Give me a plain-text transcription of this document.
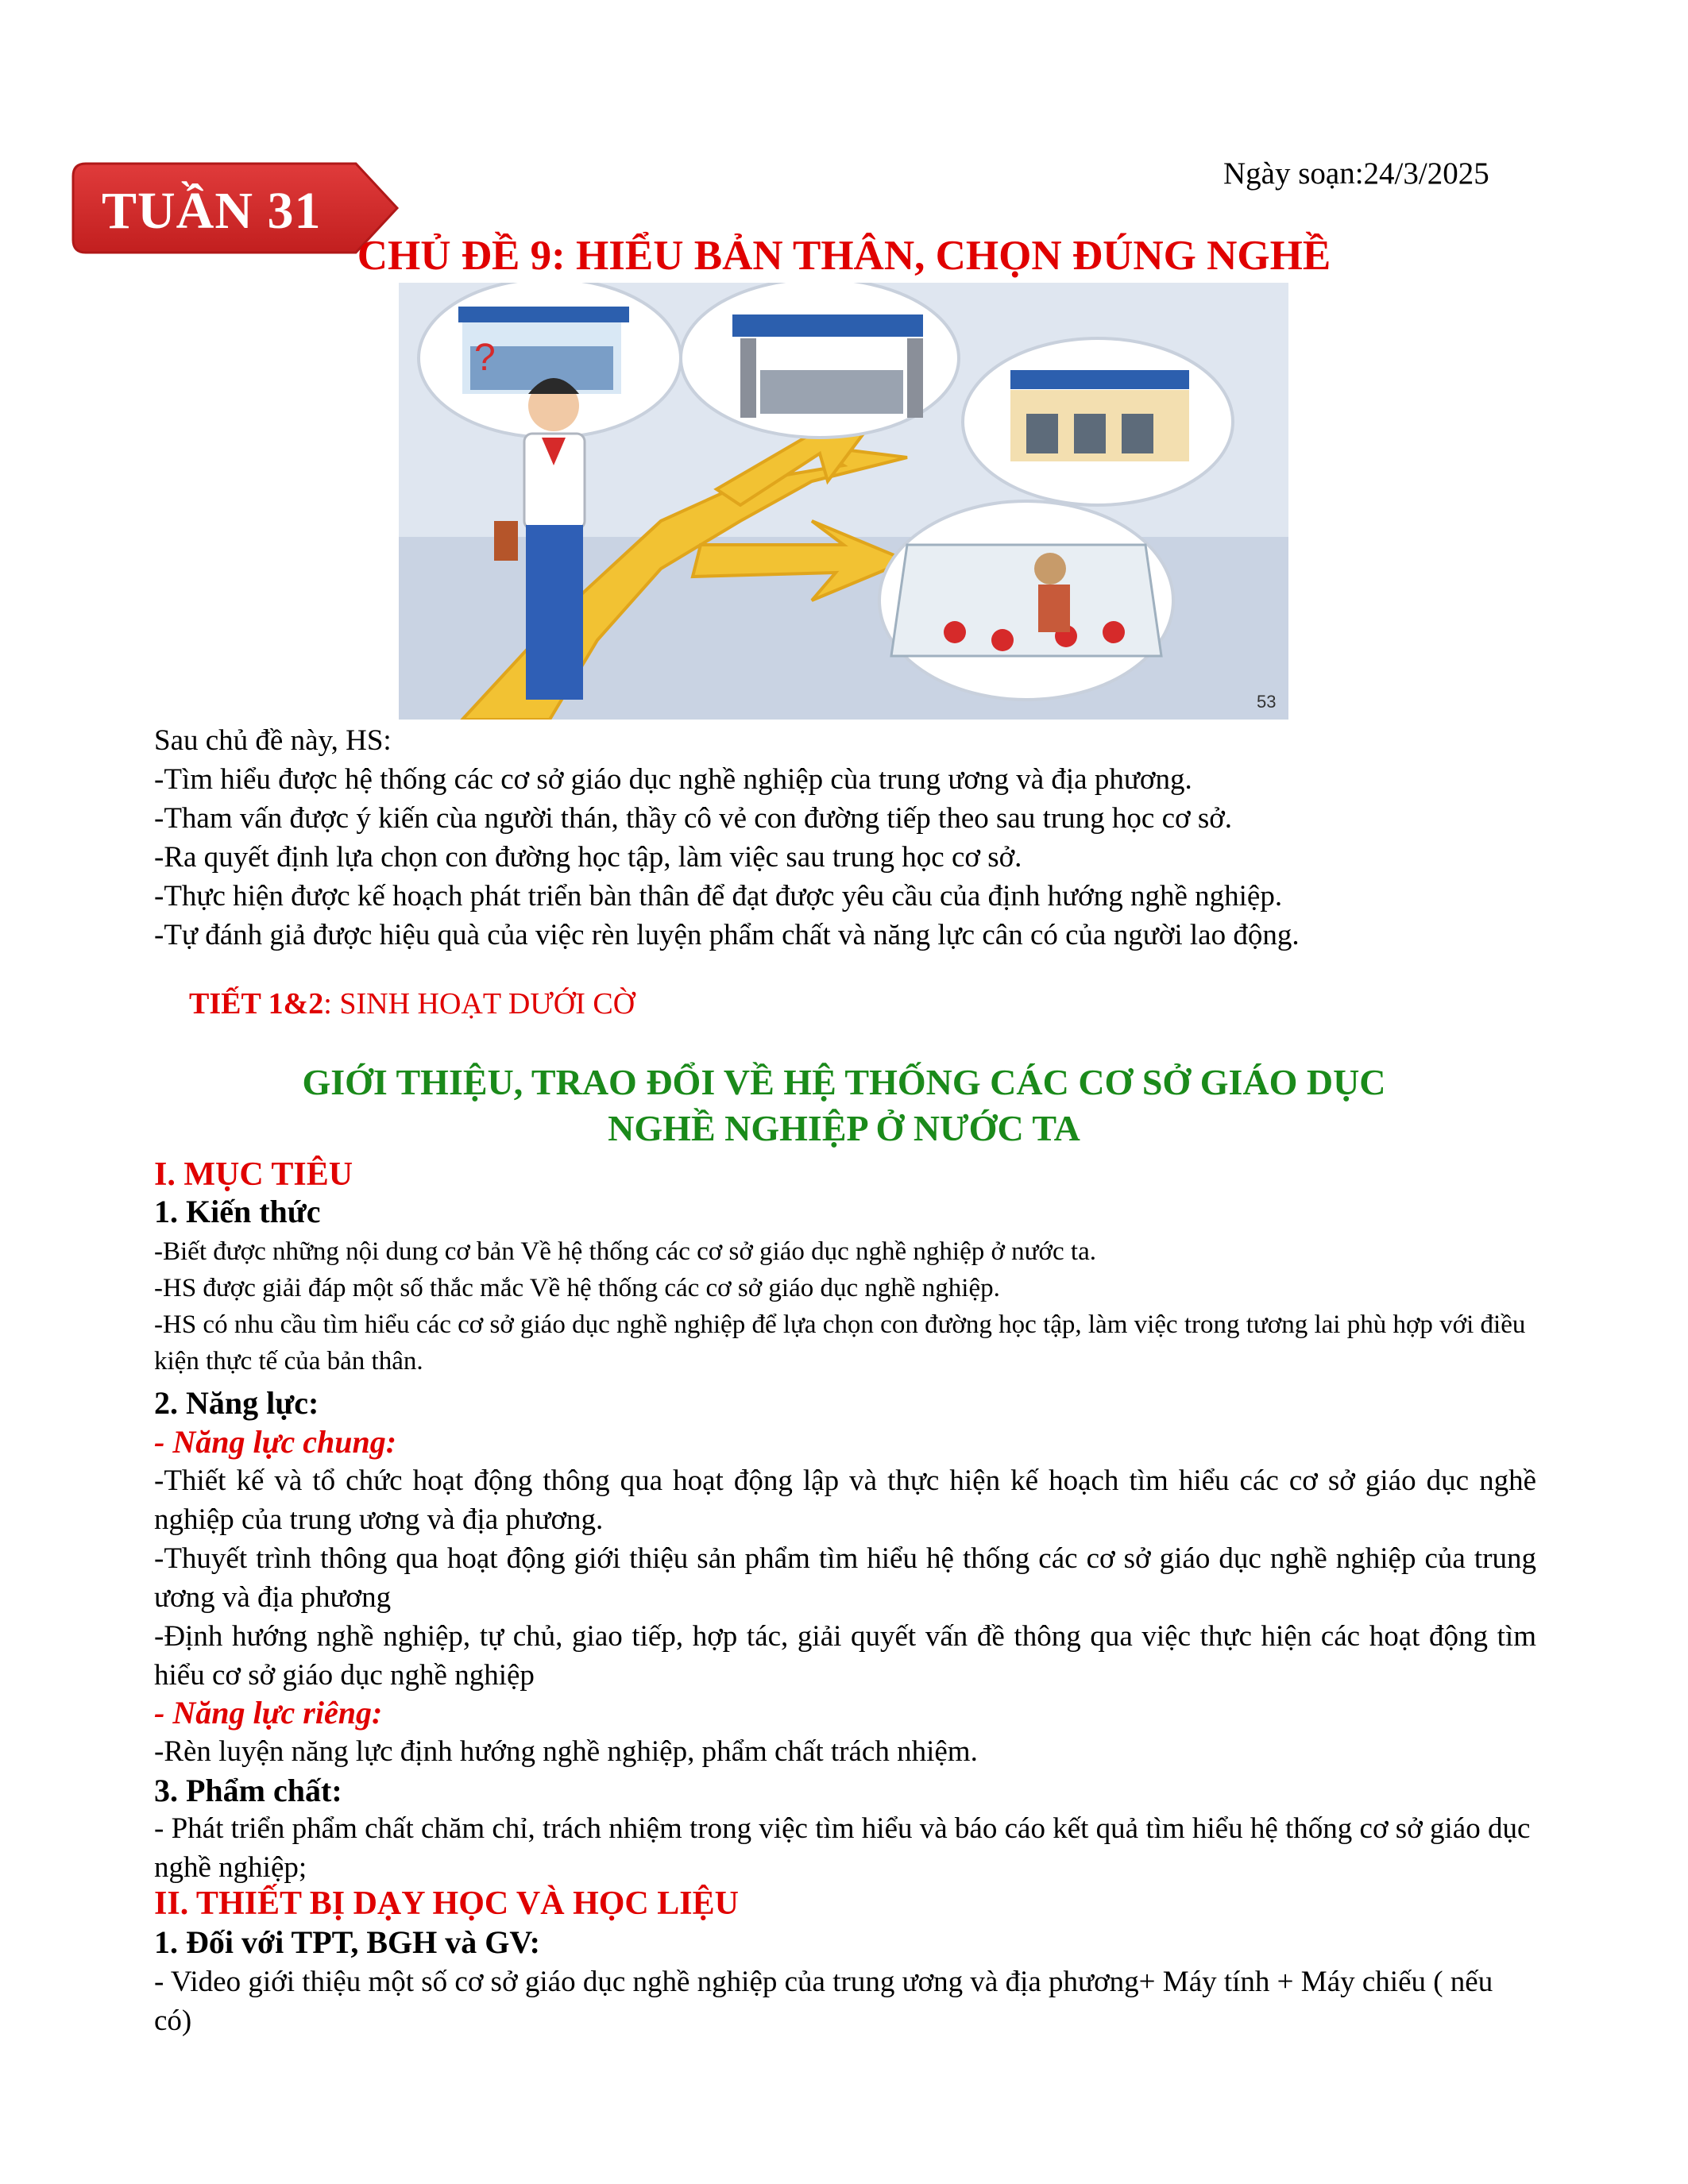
Ngày soạn:24/3/2025
TUẦN 31
CHỦ ĐỀ 9: HIỂU BẢN THÂN, CHỌN ĐÚNG NGHỀ
?
53
Sau chủ đề này, HS:
-Tìm hiểu được hệ thống các cơ sở giáo dục nghề nghiệp cùa trung ương và địa phương.
-Tham vấn được ý kiến cùa người thán, thầy cô vẻ con đường tiếp theo sau trung học cơ sở.
-Ra quyết định lựa chọn con đường học tập, làm việc sau trung học cơ sở.
-Thực hiện được kế hoạch phát triển bàn thân để đạt được yêu cầu của định hướng nghề nghiệp.
-Tự đánh giả được hiệu quà của việc rèn luyện phẩm chất và năng lực cân có của người lao động.
TIẾT 1&2: SINH HOẠT DƯỚI CỜ
GIỚI THIỆU, TRAO ĐỔI VỀ HỆ THỐNG CÁC CƠ SỞ GIÁO DỤC
NGHỀ NGHIỆP Ở NƯỚC TA
I. MỤC TIÊU
1. Kiến thức
-Biết được những nội dung cơ bản Về hệ thống các cơ sở giáo dục nghề nghiệp ở nước ta.
-HS được giải đáp một số thắc mắc Về hệ thống các cơ sở giáo dục nghề nghiệp.
-HS có nhu cầu tìm hiểu các cơ sở giáo dục nghề nghiệp để lựa chọn con đường học tập, làm việc trong tương lai phù hợp với điều kiện thực tế của bản thân.
2. Năng lực:
- Năng lực chung:
-Thiết kế và tổ chức hoạt động thông qua hoạt động lập và thực hiện kế hoạch tìm hiểu các cơ sở giáo dục nghề nghiệp của trung ương và địa phương.
-Thuyết trình thông qua hoạt động giới thiệu sản phẩm tìm hiểu hệ thống các cơ sở giáo dục nghề nghiệp của trung ương và địa phương
-Định hướng nghề nghiệp, tự chủ, giao tiếp, hợp tác, giải quyết vấn đề thông qua việc thực hiện các hoạt động tìm hiểu cơ sở giáo dục nghề nghiệp
- Năng lực riêng:
-Rèn luyện năng lực định hướng nghề nghiệp, phẩm chất trách nhiệm.
3. Phẩm chất:
- Phát triển phẩm chất chăm chỉ, trách nhiệm trong việc tìm hiểu và báo cáo kết quả tìm hiểu hệ thống cơ sở giáo dục nghề nghiệp;
II. THIẾT BỊ DẠY HỌC VÀ HỌC LIỆU
1. Đối với TPT, BGH và GV:
- Video giới thiệu một số cơ sở giáo dục nghề nghiệp của trung ương và địa phương+ Máy tính + Máy chiếu ( nếu có)
